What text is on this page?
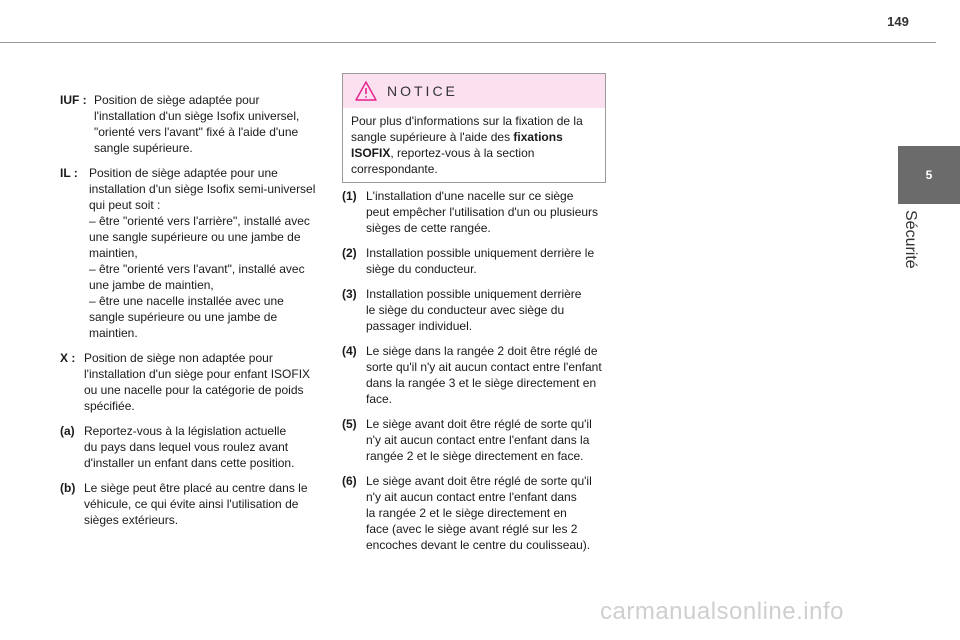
149
5
Sécurité
IUF : Position de siège adaptée pour
l'installation d'un siège Isofix universel,
"orienté vers l'avant" fixé à l'aide d'une
sangle supérieure.
IL : Position de siège adaptée pour une
installation d'un siège Isofix semi-universel
qui peut soit :
– être "orienté vers l'arrière", installé avec
une sangle supérieure ou une jambe de
maintien,
– être "orienté vers l'avant", installé avec
une jambe de maintien,
– être une nacelle installée avec une
sangle supérieure ou une jambe de
maintien.
X : Position de siège non adaptée pour
l'installation d'un siège pour enfant ISOFIX
ou une nacelle pour la catégorie de poids
spécifiée.
(a) Reportez-vous à la législation actuelle
du pays dans lequel vous roulez avant
d'installer un enfant dans cette position.
(b) Le siège peut être placé au centre dans le
véhicule, ce qui évite ainsi l'utilisation de
sièges extérieurs.
NOTICE
Pour plus d'informations sur la fixation de la sangle supérieure à l'aide des fixations ISOFIX, reportez-vous à la section correspondante.
(1) L'installation d'une nacelle sur ce siège
peut empêcher l'utilisation d'un ou plusieurs
sièges de cette rangée.
(2) Installation possible uniquement derrière le
siège du conducteur.
(3) Installation possible uniquement derrière
le siège du conducteur avec siège du
passager individuel.
(4) Le siège dans la rangée 2 doit être réglé de
sorte qu'il n'y ait aucun contact entre l'enfant
dans la rangée 3 et le siège directement en
face.
(5) Le siège avant doit être réglé de sorte qu'il
n'y ait aucun contact entre l'enfant dans la
rangée 2 et le siège directement en face.
(6) Le siège avant doit être réglé de sorte qu'il
n'y ait aucun contact entre l'enfant dans
la rangée 2 et le siège directement en
face (avec le siège avant réglé sur les 2
encoches devant le centre du coulisseau).
carmanualsonline.info
